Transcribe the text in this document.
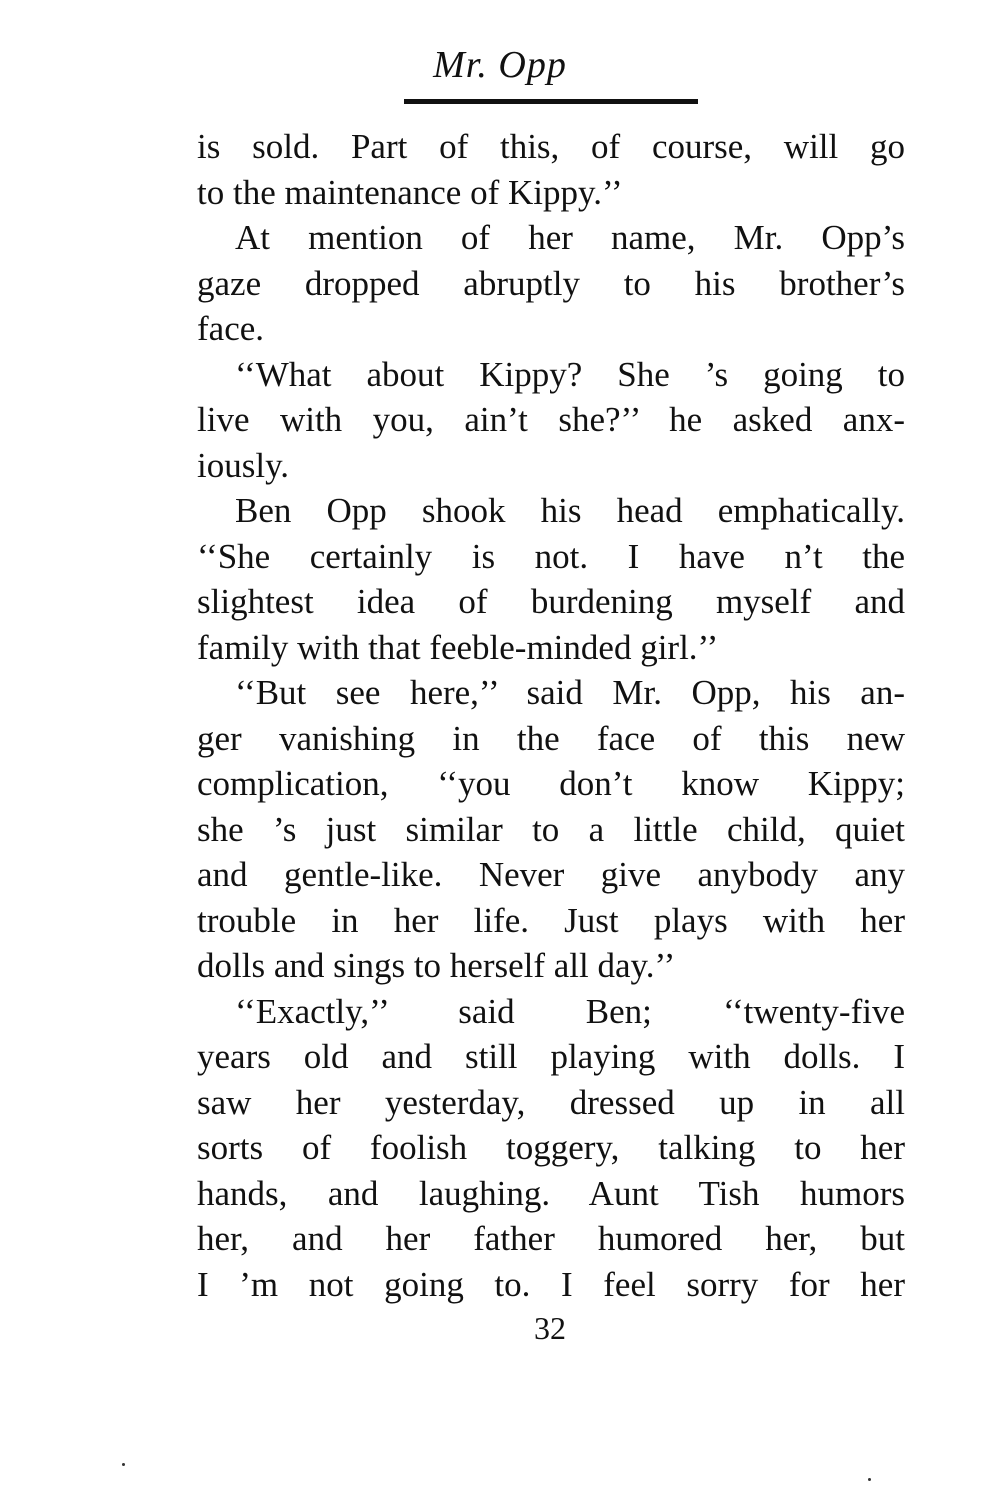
Mr. Opp
is sold. Part of this, of course, will go
to the maintenance of Kippy.’’
At mention of her name, Mr. Opp’s
gaze dropped abruptly to his brother’s
face.
‘‘What about Kippy? She ’s going to
live with you, ain’t she?’’ he asked anx-
iously.
Ben Opp shook his head emphatically.
‘‘She certainly is not. I have n’t the
slightest idea of burdening myself and
family with that feeble-minded girl.’’
‘‘But see here,’’ said Mr. Opp, his an-
ger vanishing in the face of this new
complication, ‘‘you don’t know Kippy;
she ’s just similar to a little child, quiet
and gentle-like. Never give anybody any
trouble in her life. Just plays with her
dolls and sings to herself all day.’’
‘‘Exactly,’’ said Ben; ‘‘twenty-five
years old and still playing with dolls. I
saw her yesterday, dressed up in all
sorts of foolish toggery, talking to her
hands, and laughing. Aunt Tish humors
her, and her father humored her, but
I ’m not going to. I feel sorry for her
32
